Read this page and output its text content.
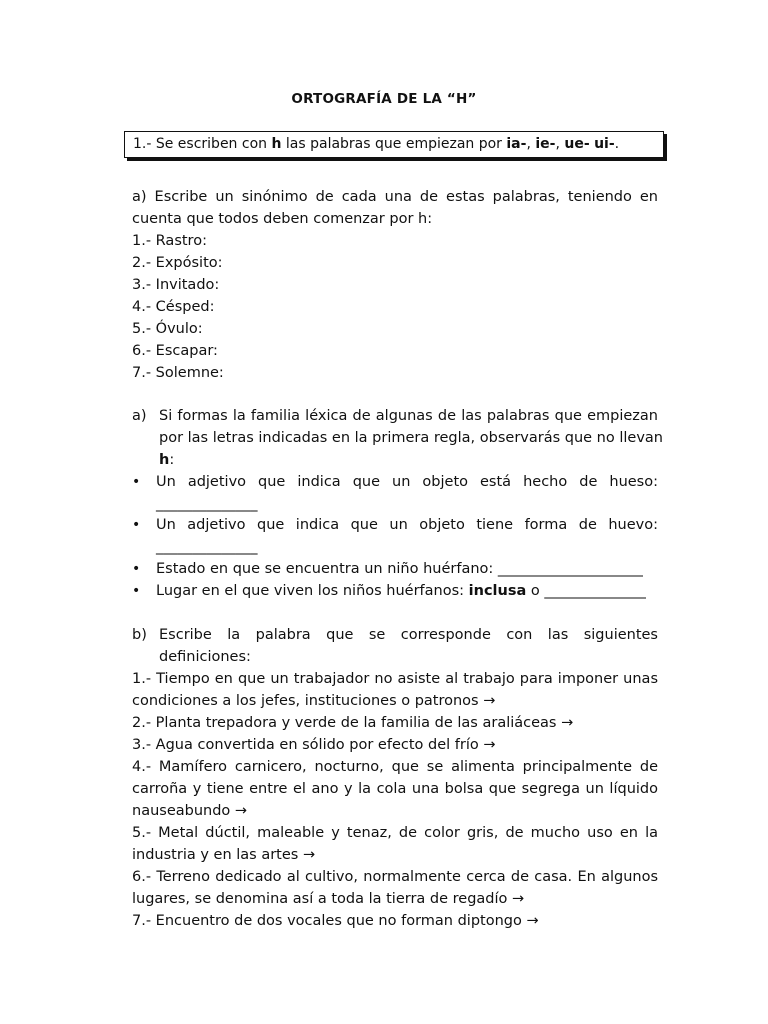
ORTOGRAFÍA DE LA “H”
1.- Se escriben con h las palabras que empiezan por ia-, ie-, ue- ui-.
a) Escribe un sinónimo de cada una de estas palabras, teniendo en
cuenta que todos deben comenzar por h:
1.- Rastro:
2.- Expósito:
3.- Invitado:
4.- Césped:
5.- Óvulo:
6.- Escapar:
7.- Solemne:
a) Si formas la familia léxica de algunas de las palabras que empiezan
por las letras indicadas en la primera regla, observarás que no llevan
h:
• Un adjetivo que indica que un objeto está hecho de hueso:
______________
• Un adjetivo que indica que un objeto tiene forma de huevo:
______________
• Estado en que se encuentra un niño huérfano: ____________________
• Lugar en el que viven los niños huérfanos: inclusa o ______________
b) Escribe la palabra que se corresponde con las siguientes
definiciones:
1.- Tiempo en que un trabajador no asiste al trabajo para imponer unas
condiciones a los jefes, instituciones o patronos →
2.- Planta trepadora y verde de la familia de las araliáceas →
3.- Agua convertida en sólido por efecto del frío →
4.- Mamífero carnicero, nocturno, que se alimenta principalmente de
carroña y tiene entre el ano y la cola una bolsa que segrega un líquido
nauseabundo →
5.- Metal dúctil, maleable y tenaz, de color gris, de mucho uso en la
industria y en las artes →
6.- Terreno dedicado al cultivo, normalmente cerca de casa. En algunos
lugares, se denomina así a toda la tierra de regadío →
7.- Encuentro de dos vocales que no forman diptongo →
